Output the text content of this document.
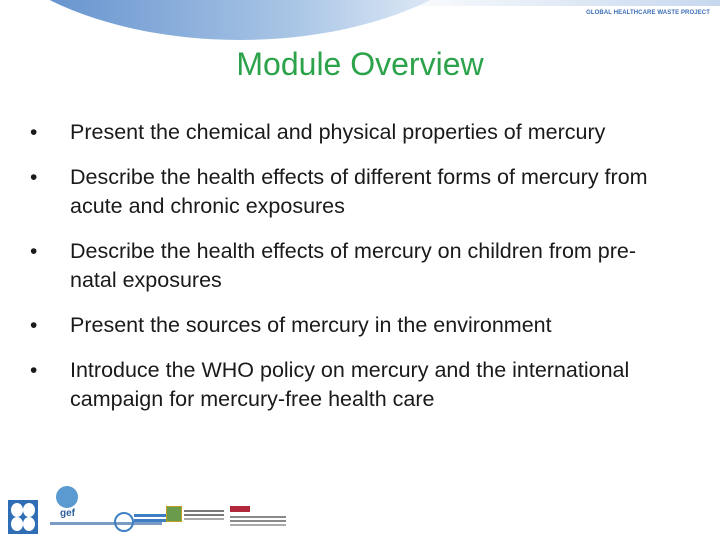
GLOBAL HEALTHCARE WASTE PROJECT
Module Overview
• Present the chemical and physical properties of mercury
• Describe the health effects of different forms of mercury from acute and chronic exposures
• Describe the health effects of mercury on children from pre-natal exposures
• Present the sources of mercury in the environment
• Introduce the WHO policy on mercury and the international campaign for mercury-free health care
gef
